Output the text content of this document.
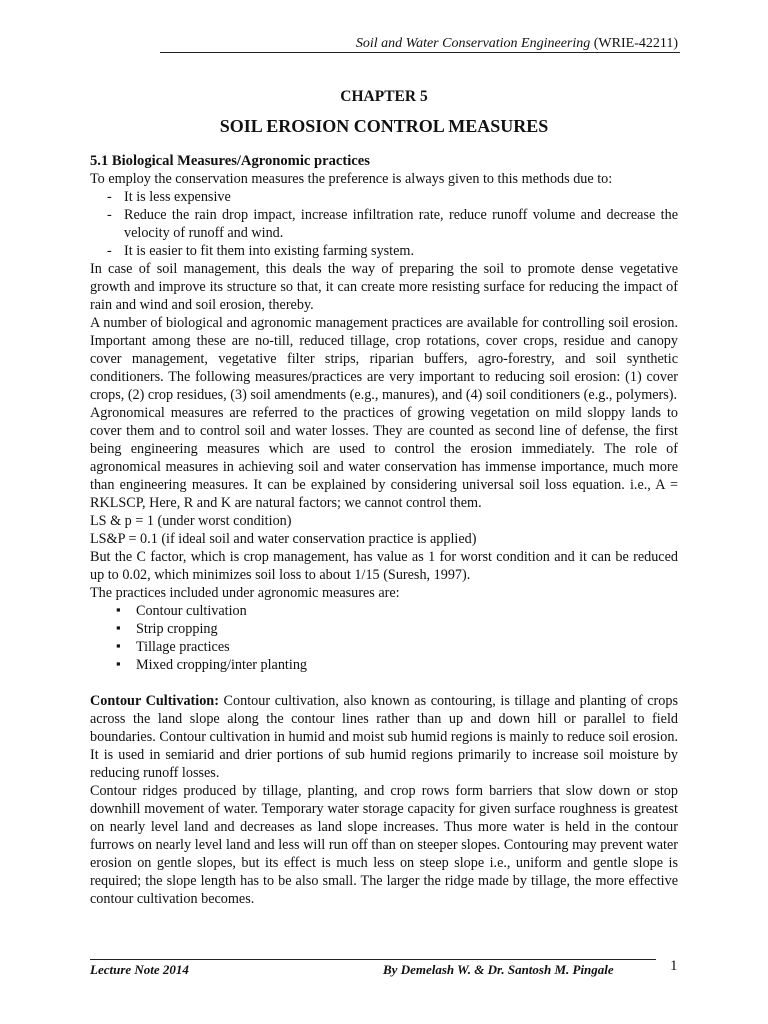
Soil and Water Conservation Engineering (WRIE-42211)
CHAPTER 5
SOIL EROSION CONTROL MEASURES

5.1 Biological Measures/Agronomic practices

To employ the conservation measures the preference is always given to this methods due to:

- It is less expensive
- Reduce the rain drop impact, increase infiltration rate, reduce runoff volume and decrease the velocity of runoff and wind.
- It is easier to fit them into existing farming system.

In case of soil management, this deals the way of preparing the soil to promote dense vegetative growth and improve its structure so that, it can create more resisting surface for reducing the impact of rain and wind and soil erosion, thereby.

A number of biological and agronomic management practices are available for controlling soil erosion. Important among these are no-till, reduced tillage, crop rotations, cover crops, residue and canopy cover management, vegetative filter strips, riparian buffers, agro-forestry, and soil synthetic conditioners. The following measures/practices are very important to reducing soil erosion: (1) cover crops, (2) crop residues, (3) soil amendments (e.g., manures), and (4) soil conditioners (e.g., polymers).

Agronomical measures are referred to the practices of growing vegetation on mild sloppy lands to cover them and to control soil and water losses. They are counted as second line of defense, the first being engineering measures which are used to control the erosion immediately. The role of agronomical measures in achieving soil and water conservation has immense importance, much more than engineering measures. It can be explained by considering universal soil loss equation. i.e., A = RKLSCP, Here, R and K are natural factors; we cannot control them.

LS & p = 1 (under worst condition)

LS&P = 0.1 (if ideal soil and water conservation practice is applied)

But the C factor, which is crop management, has value as 1 for worst condition and it can be reduced up to 0.02, which minimizes soil loss to about 1/15 (Suresh, 1997).

The practices included under agronomic measures are:

▪ Contour cultivation
▪ Strip cropping
▪ Tillage practices
▪ Mixed cropping/inter planting

Contour Cultivation: Contour cultivation, also known as contouring, is tillage and planting of crops across the land slope along the contour lines rather than up and down hill or parallel to field boundaries. Contour cultivation in humid and moist sub humid regions is mainly to reduce soil erosion. It is used in semiarid and drier portions of sub humid regions primarily to increase soil moisture by reducing runoff losses.

Contour ridges produced by tillage, planting, and crop rows form barriers that slow down or stop downhill movement of water. Temporary water storage capacity for given surface roughness is greatest on nearly level land and decreases as land slope increases. Thus more water is held in the contour furrows on nearly level land and less will run off than on steeper slopes. Contouring may prevent water erosion on gentle slopes, but its effect is much less on steep slope i.e., uniform and gentle slope is required; the slope length has to be also small. The larger the ridge made by tillage, the more effective contour cultivation becomes.

Lecture Note 2014	By Demelash W. & Dr. Santosh M. Pingale	1
